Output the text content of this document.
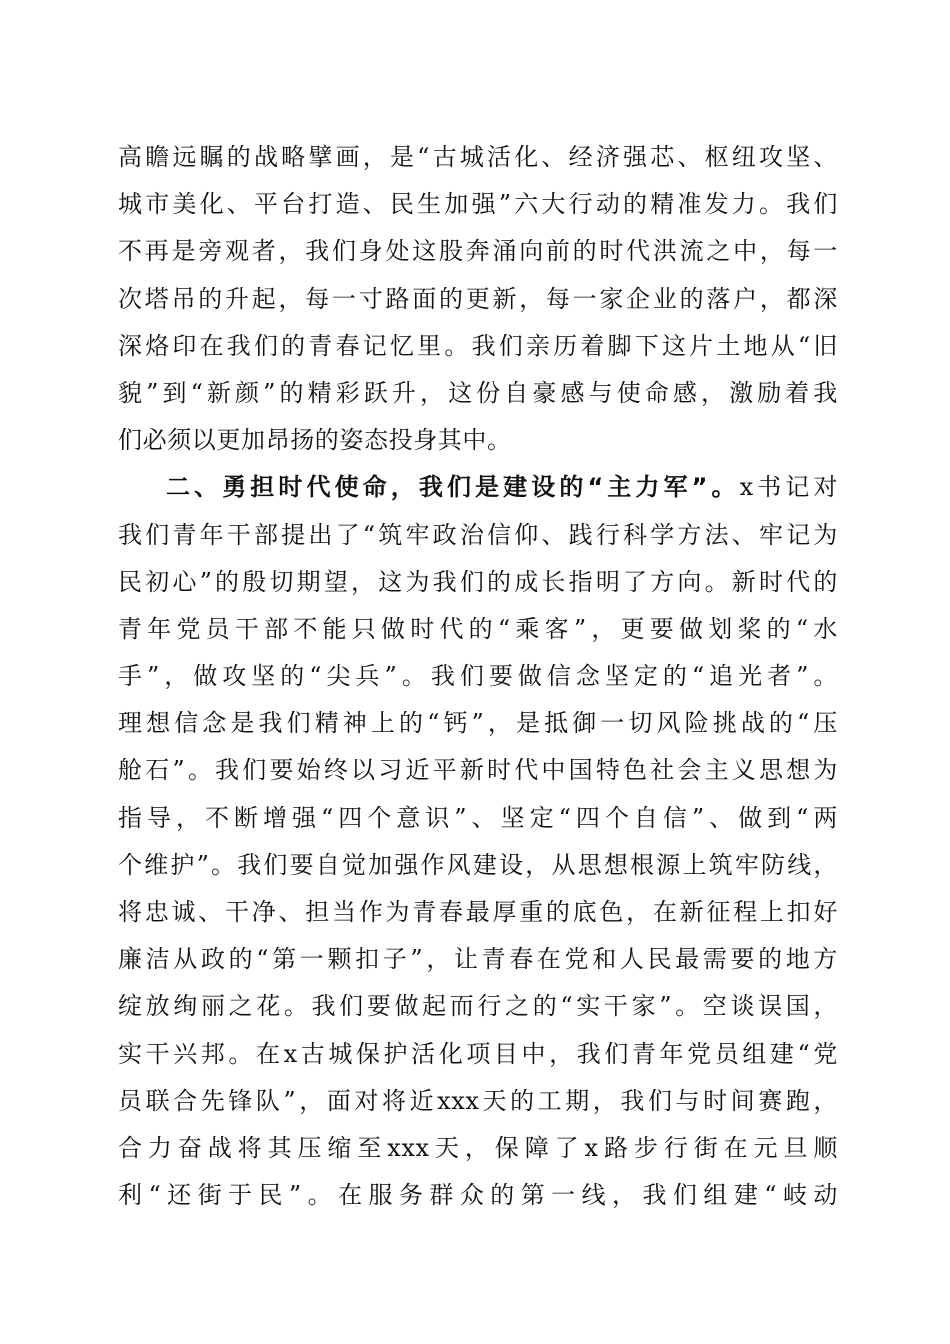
高瞻远瞩的战略擘画，是“古城活化、经济强芯、枢纽攻坚、
城市美化、平台打造、民生加强”六大行动的精准发力。我们
不再是旁观者，我们身处这股奔涌向前的时代洪流之中，每一
次塔吊的升起，每一寸路面的更新，每一家企业的落户，都深
深烙印在我们的青春记忆里。我们亲历着脚下这片土地从“旧
貌”到“新颜”的精彩跃升，这份自豪感与使命感，激励着我
们必须以更加昂扬的姿态投身其中。
二、勇担时代使命，我们是建设的“主力军”。x书记对
我们青年干部提出了“筑牢政治信仰、践行科学方法、牢记为
民初心”的殷切期望，这为我们的成长指明了方向。新时代的
青年党员干部不能只做时代的“乘客”，更要做划桨的“水
手”，做攻坚的“尖兵”。我们要做信念坚定的“追光者”。
理想信念是我们精神上的“钙”，是抵御一切风险挑战的“压
舱石”。我们要始终以习近平新时代中国特色社会主义思想为
指导，不断增强“四个意识”、坚定“四个自信”、做到“两
个维护”。我们要自觉加强作风建设，从思想根源上筑牢防线，
将忠诚、干净、担当作为青春最厚重的底色，在新征程上扣好
廉洁从政的“第一颗扣子”，让青春在党和人民最需要的地方
绽放绚丽之花。我们要做起而行之的“实干家”。空谈误国，
实干兴邦。在x古城保护活化项目中，我们青年党员组建“党
员联合先锋队”，面对将近xxx天的工期，我们与时间赛跑，
合力奋战将其压缩至xxx天，保障了x路步行街在元旦顺
利“还街于民”。在服务群众的第一线，我们组建“岐动
